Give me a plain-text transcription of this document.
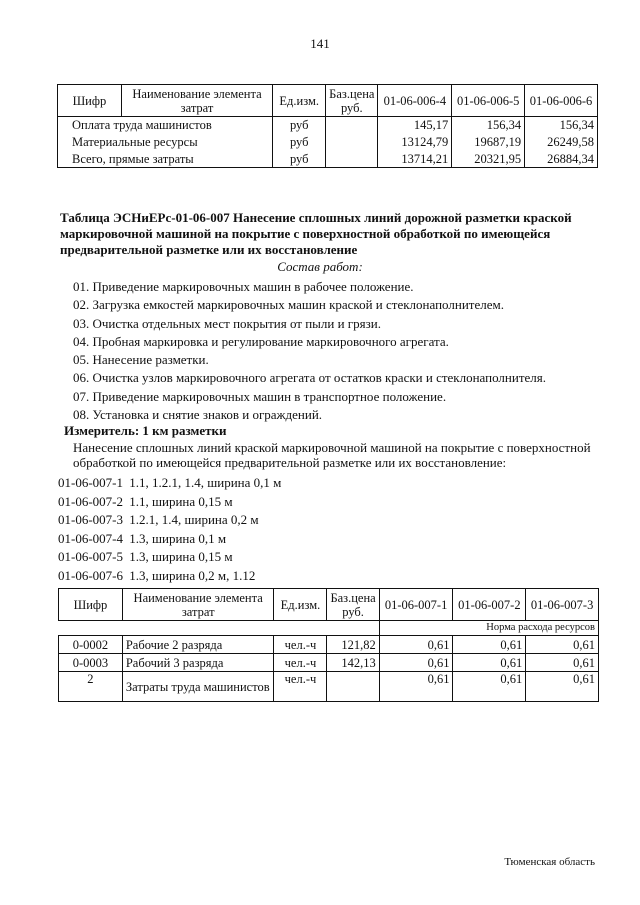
141
Шифр	Наименование элемента затрат	Ед.изм.	Баз.цена руб.	01-06-006-4	01-06-006-5	01-06-006-6
Оплата труда машинистов		руб		145,17	156,34	156,34
Материальные ресурсы		руб		13124,79	19687,19	26249,58
Всего, прямые затраты		руб		13714,21	20321,95	26884,34
Таблица ЭСНиЕРс-01-06-007 Нанесение сплошных линий дорожной разметки краской маркировочной машиной на покрытие с поверхностной обработкой по имеющейся предварительной разметке или их восстановление
Состав работ:
01. Приведение маркировочных машин в рабочее положение.
02. Загрузка емкостей маркировочных машин краской и стеклонаполнителем.
03. Очистка отдельных мест покрытия от пыли и грязи.
04. Пробная маркировка и регулирование маркировочного агрегата.
05. Нанесение разметки.
06. Очистка узлов маркировочного агрегата от остатков краски и стеклонаполнителя.
07. Приведение маркировочных машин в транспортное положение.
08. Установка и снятие знаков и ограждений.
Измеритель: 1 км разметки
Нанесение сплошных линий краской маркировочной машиной на покрытие с поверхностной обработкой по имеющейся предварительной разметке или их восстановление:
01-06-007-1 1.1, 1.2.1, 1.4, ширина 0,1 м
01-06-007-2 1.1, ширина 0,15 м
01-06-007-3 1.2.1, 1.4, ширина 0,2 м
01-06-007-4 1.3, ширина 0,1 м
01-06-007-5 1.3, ширина 0,15 м
01-06-007-6 1.3, ширина 0,2 м, 1.12
Шифр	Наименование элемента затрат	Ед.изм.	Баз.цена руб.	01-06-007-1	01-06-007-2	01-06-007-3
				Норма расхода ресурсов		
0-0002	Рабочие 2 разряда	чел.-ч	121,82	0,61	0,61	0,61
0-0003	Рабочий 3 разряда	чел.-ч	142,13	0,61	0,61	0,61
2	Затраты труда машинистов	чел.-ч		0,61	0,61	0,61
Тюменская область
